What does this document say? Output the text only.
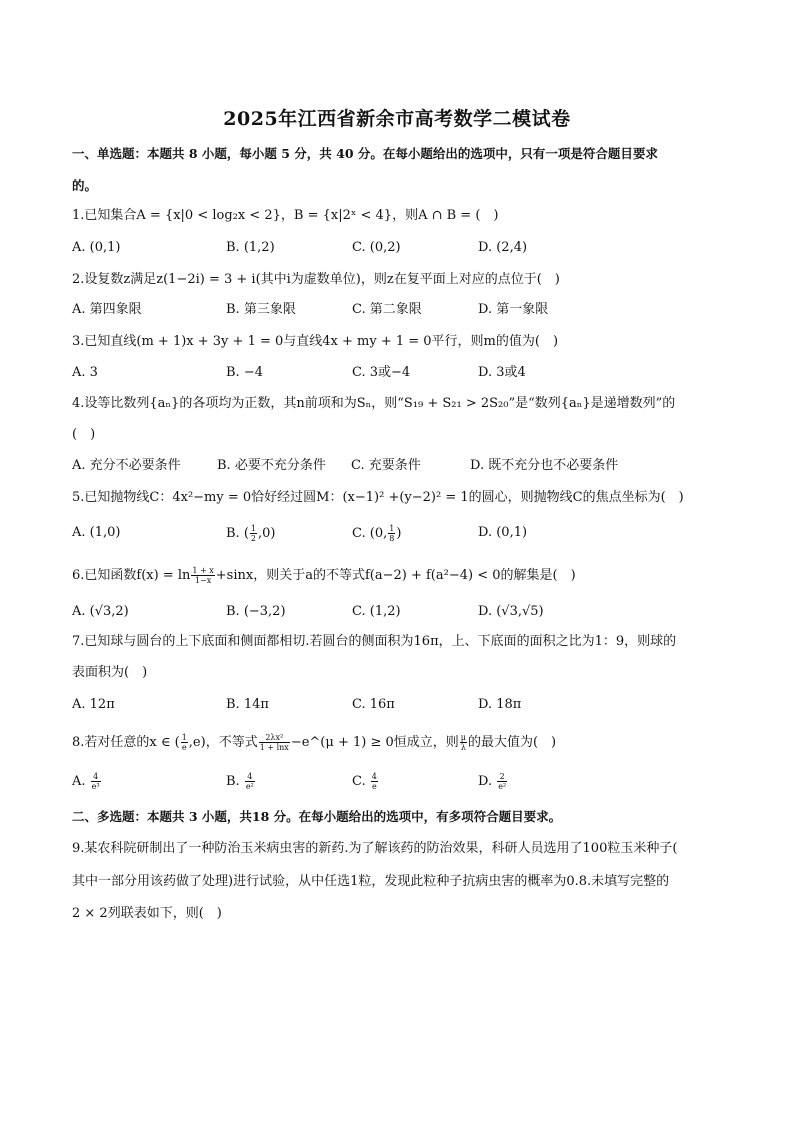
2025年江西省新余市高考数学二模试卷
一、单选题：本题共 8 小题，每小题 5 分，共 40 分。在每小题给出的选项中，只有一项是符合题目要求
的。
1.已知集合A = {x|0 < log₂x < 2}，B = {x|2ˣ < 4}，则A ∩ B = (　)
A. (0,1)	B. (1,2)	C. (0,2)	D. (2,4)
2.设复数z满足z(1−2i) = 3 + i(其中i为虚数单位)，则z在复平面上对应的点位于(　)
A. 第四象限	B. 第三象限	C. 第二象限	D. 第一象限
3.已知直线(m + 1)x + 3y + 1 = 0与直线4x + my + 1 = 0平行，则m的值为(　)
A. 3	B. −4	C. 3或−4	D. 3或4
4.设等比数列{aₙ}的各项均为正数，其n前项和为Sₙ，则“S₁₉ + S₂₁ > 2S₂₀”是“数列{aₙ}是递增数列”的
(　)
A. 充分不必要条件	B. 必要不充分条件 C. 充要条件	D. 既不充分也不必要条件
5.已知抛物线C：4x²−my = 0恰好经过圆M：(x−1)² +(y−2)² = 1的圆心，则抛物线C的焦点坐标为(　)
A. (1,0)	B. ( $\frac{1}{2} ,0$)	C. (0, $\frac{1}{8}$ )	D. (0,1)
6.已知函数$f(x) = \ln \frac{1 + x}{1-x} +\sin x$，则关于a的不等式f(a−2) + f(a²−4) < 0的解集是(　)
A. (√3,2)	B. (−3,2)	C. (1,2)	D. (√3,√5)
7.已知球与圆台的上下底面和侧面都相切.若圆台的侧面积为16π，上、下底面的面积之比为1：9，则球的
表面积为(　)
A. 12π	B. 14π	C. 16π	D. 18π
8.若对任意的x ∈ ( $\frac{1}{e} ,e$)，不等式 $\frac{\text{2λx²}}{1 + \ln x}$ −e^(μ + 1) ≥ 0恒成立，则 $\frac{\mu}{\lambda}$ 的最大值为(　)
A. $\frac{4}{\text{e³}}$	B. $\frac{4}{\text{e²}}$	C. $\frac{4}{e}$	D. $\frac{2}{\text{e²}}$
二、多选题：本题共 3 小题，共18 分。在每小题给出的选项中，有多项符合题目要求。
9.某农科院研制出了一种防治玉米病虫害的新药.为了解该药的防治效果，科研人员选用了100粒玉米种子(
其中一部分用该药做了处理)进行试验，从中任选1粒，发现此粒种子抗病虫害的概率为0.8.未填写完整的
2 × 2列联表如下，则(　)
